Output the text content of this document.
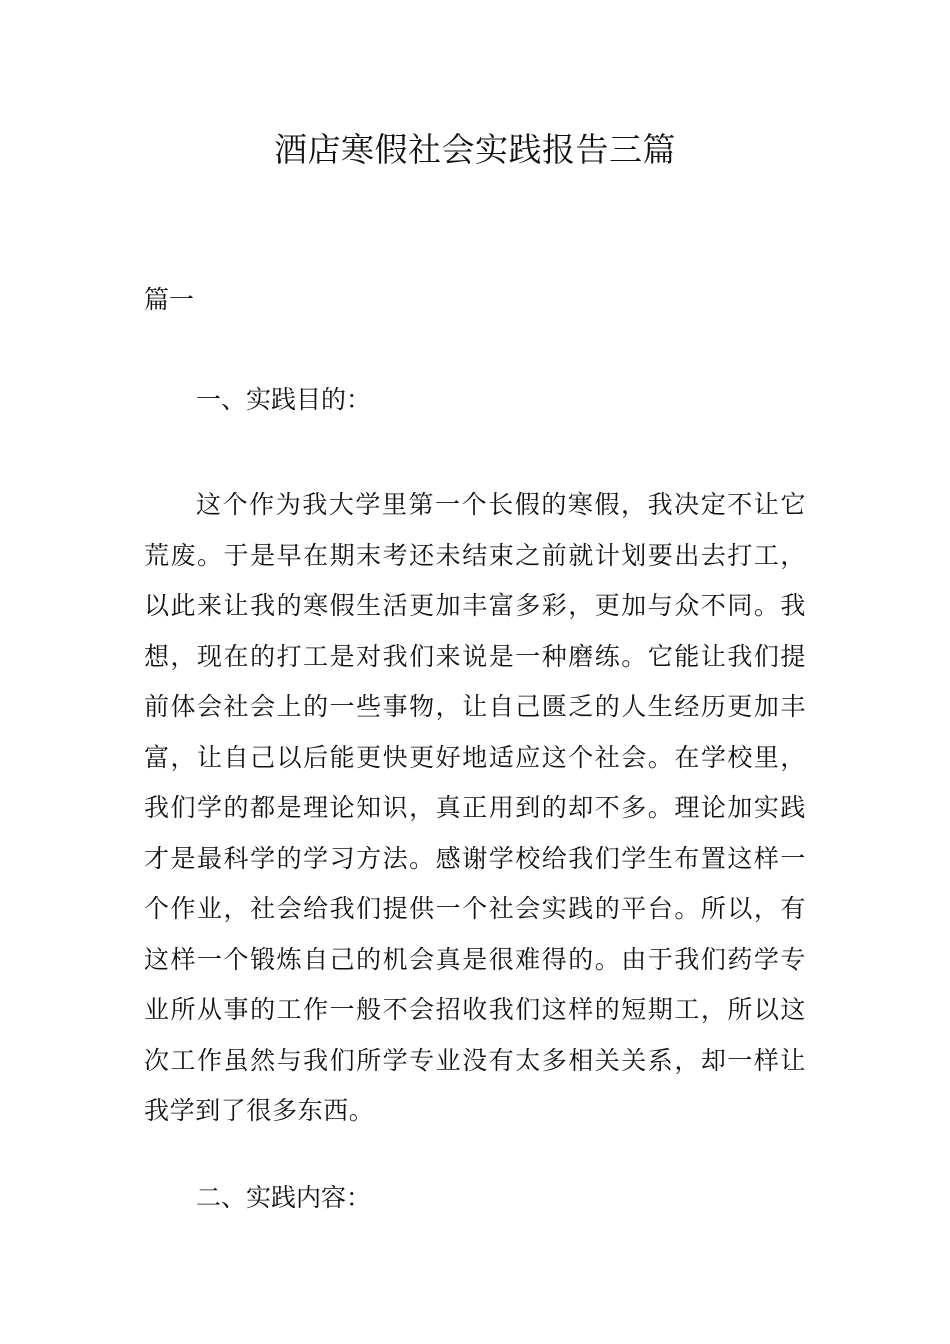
酒店寒假社会实践报告三篇
篇一
一、实践目的：

这个作为我大学里第一个长假的寒假，我决定不让它荒废。于是早在期末考还未结束之前就计划要出去打工，以此来让我的寒假生活更加丰富多彩，更加与众不同。我想，现在的打工是对我们来说是一种磨练。它能让我们提前体会社会上的一些事物，让自己匮乏的人生经历更加丰富，让自己以后能更快更好地适应这个社会。在学校里，我们学的都是理论知识，真正用到的却不多。理论加实践才是最科学的学习方法。感谢学校给我们学生布置这样一个作业，社会给我们提供一个社会实践的平台。所以，有这样一个锻炼自己的机会真是很难得的。由于我们药学专业所从事的工作一般不会招收我们这样的短期工，所以这次工作虽然与我们所学专业没有太多相关关系，却一样让我学到了很多东西。

二、实践内容：
